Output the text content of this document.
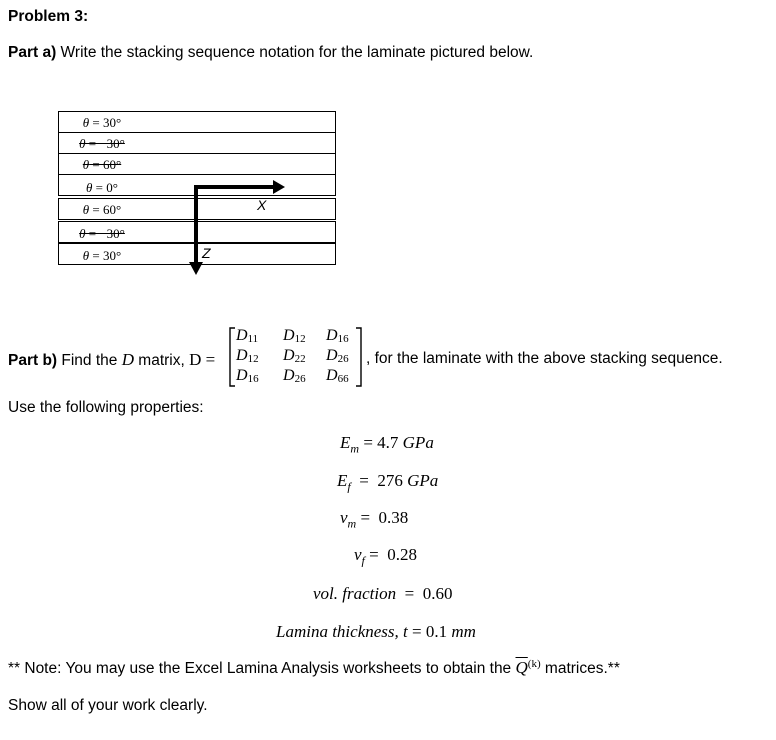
Problem 3:
Part a) Write the stacking sequence notation for the laminate pictured below.
θ = 30°
θ = −30°
θ = 60°
θ = 0°
θ = 60°
θ = −30°
θ = 30°
X
Z
Part b) Find the D matrix, D =
$D_{11}$ $D_{12}$ $D_{16}$
$D_{12}$ $D_{22}$ $D_{26}$
$D_{16}$ $D_{26}$ $D_{66}$
, for the laminate with the above stacking sequence.
Use the following properties:
$E_m = 4.7$ GPa
$E_f = 276$ GPa
$\nu_m = 0.38$
$\nu_f = 0.28$
vol. fraction  =  0.60
Lamina thickness, t = 0.1 mm
** Note: You may use the Excel Lamina Analysis worksheets to obtain the $\overline{Q}^{(k)}$ matrices.**
Show all of your work clearly.
